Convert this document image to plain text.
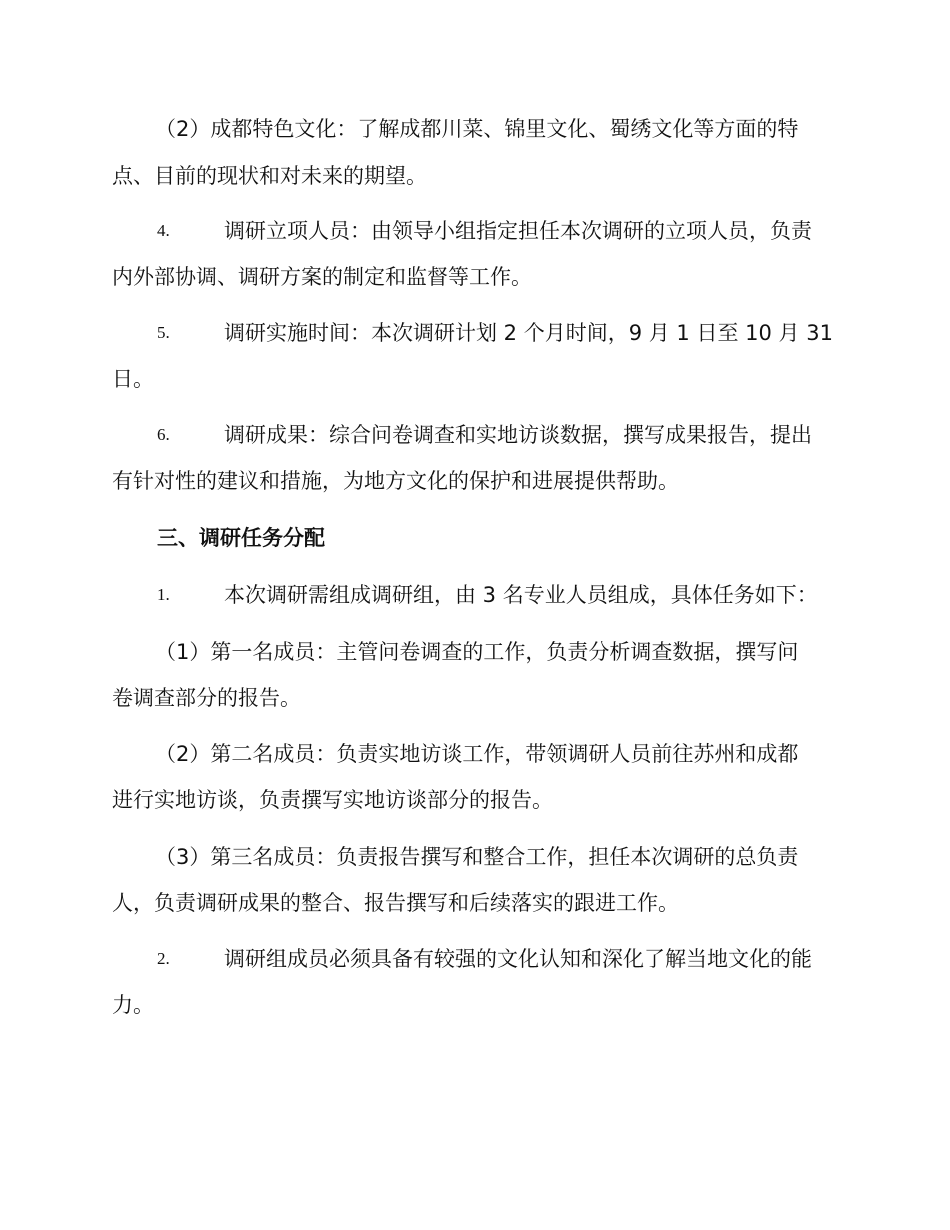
（2）成都特色文化：了解成都川菜、锦里文化、蜀绣文化等方面的特
点、目前的现状和对未来的期望。
4.	调研立项人员：由领导小组指定担任本次调研的立项人员，负责
内外部协调、调研方案的制定和监督等工作。
5.	调研实施时间：本次调研计划 2 个月时间，9 月 1 日至 10 月 31
日。
6.	调研成果：综合问卷调查和实地访谈数据，撰写成果报告，提出
有针对性的建议和措施，为地方文化的保护和进展提供帮助。
三、调研任务分配
1.	本次调研需组成调研组，由 3 名专业人员组成，具体任务如下：
（1）第一名成员：主管问卷调查的工作，负责分析调查数据，撰写问
卷调查部分的报告。
（2）第二名成员：负责实地访谈工作，带领调研人员前往苏州和成都
进行实地访谈，负责撰写实地访谈部分的报告。
（3）第三名成员：负责报告撰写和整合工作，担任本次调研的总负责
人，负责调研成果的整合、报告撰写和后续落实的跟进工作。
2.	调研组成员必须具备有较强的文化认知和深化了解当地文化的能
力。
